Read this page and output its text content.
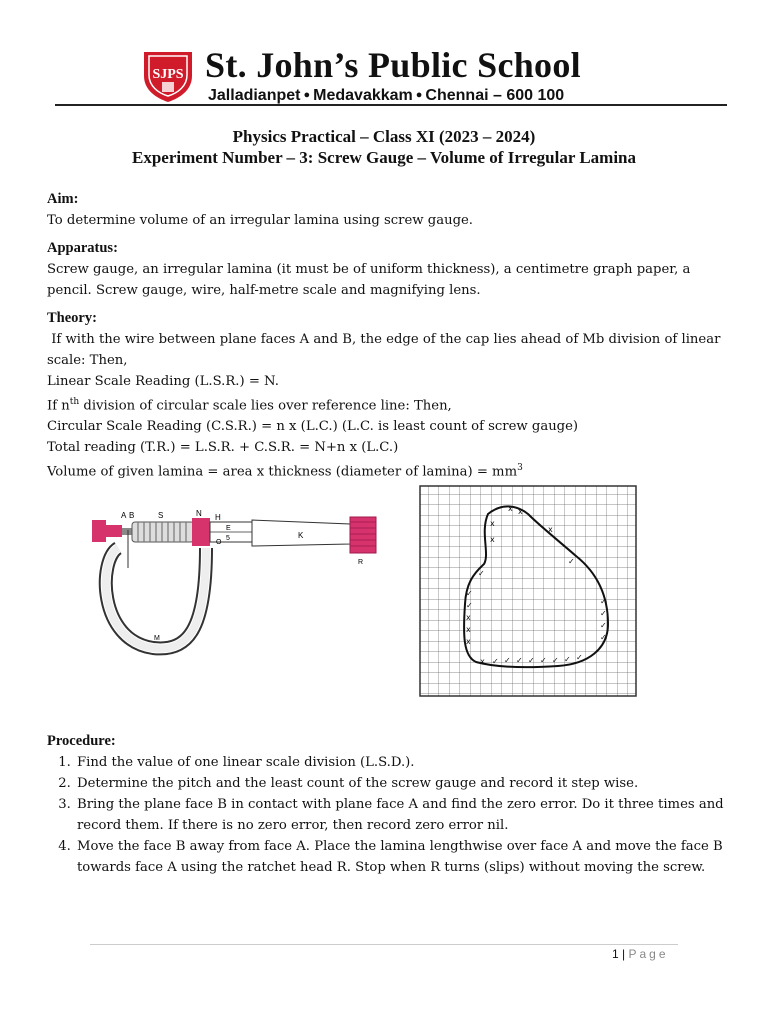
SJPS St. John’s Public School
Jalladianpet ● Medavakkam ● Chennai – 600 100
Physics Practical – Class XI (2023 – 2024)
Experiment Number – 3: Screw Gauge – Volume of Irregular Lamina
Aim:
To determine volume of an irregular lamina using screw gauge.
Apparatus:
Screw gauge, an irregular lamina (it must be of uniform thickness), a centimetre graph paper, a pencil. Screw gauge, wire, half-metre scale and magnifying lens.
Theory:
If with the wire between plane faces A and B, the edge of the cap lies ahead of Mb division of linear scale: Then,
Linear Scale Reading (L.S.R.) = N.
If $n^{th}$ division of circular scale lies over reference line: Then,
Circular Scale Reading (C.S.R.) = n x (L.C.) (L.C. is least count of screw gauge)
Total reading (T.R.) = L.S.R. + C.S.R. = N+n x (L.C.)
Volume of given lamina = area x thickness (diameter of $lamina) = mm^3$
A B	S	N H
E
5
O
K
R
M
x x
x
x
x
✓
✓
x
x
x
✓
✓
✓
✓
✓
✓
x ✓ ✓ ✓ ✓ ✓ ✓ ✓ ✓
Procedure:
1. Find the value of one linear scale division (L.S.D.).
2. Determine the pitch and the least count of the screw gauge and record it step wise.
3. Bring the plane face B in contact with plane face A and find the zero error. Do it three times and record them. If there is no zero error, then record zero error nil.
4. Move the face B away from face A. Place the lamina lengthwise over face A and move the face B towards face A using the ratchet head R. Stop when R turns (slips) without moving the screw.
1 | Page
